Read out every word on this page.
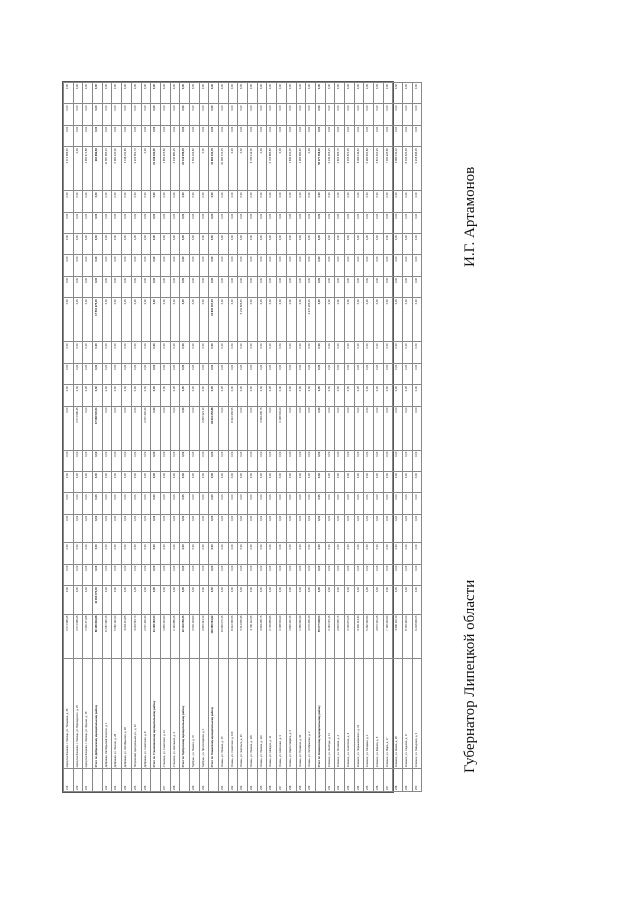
219	переулок Конеева, г. Липецк, ул. Тельмана, д. 45	2 071 996,45	0,00	0,00	0,00	0,00	0,00	0,00	0,00	0,00	0,00	0,00	0,00	0,00	0,00	0,00	0,00	0,00	0,00	2 071 996,45	0,00	0,00	0,00
220	переулок Конеева, г. Липецк, ул. Вернадского, д. 25	2 071 996,45	0,00	0,00	0,00	0,00	0,00	0,00	0,00	2 071 996,45	0,00	0,00	0,00	0,00	0,00	0,00	0,00	0,00	0,00	0,00	0,00	0,00	0,00
221	переулок Конеева, г. Липецк, ул. Фрунзе, д. 16	1 950 471,88	0,00	0,00	0,00	0,00	0,00	0,00	0,00	0,00	0,00	0,00	0,00	0,00	0,00	0,00	0,00	0,00	0,00	1 950 471,88	0,00	0,00	0,00
	Итого по Добринскому муниципальному району	86 185 819,88	10 060 070,00	0,00	0,00	0,00	0,00	0,00	0,00	37 068 545,54	0,00	0,00	0,00	17 504 975,00	0,00	0,00	0,00	0,00	0,00	964 899,58	0,00	0,00	0,00
222	Добринка, Октябрьский поселок, д. 1	11 587 965,15	0,00	0,00	0,00	0,00	0,00	0,00	0,00	0,00	0,00	0,00	0,00	0,00	0,00	0,00	0,00	0,00	0,00	11 587 965,15	0,00	0,00	0,00
223	Добринка, ул. Лесная, д. 28	5 960 120,30	0,00	0,00	0,00	0,00	0,00	0,00	0,00	0,00	0,00	0,00	0,00	0,00	0,00	0,00	0,00	0,00	0,00	5 960 120,30	0,00	0,00	0,00
224	Добринка, ул. Октябрьская, д. 28	3 018 211,85	0,00	0,00	0,00	0,00	0,00	0,00	0,00	0,00	0,00	0,00	0,00	0,00	0,00	0,00	0,00	0,00	0,00	3 018 211,85	0,00	0,00	0,00
225	Петровский, Центральная ул., д. 10	4 219 561,70	0,00	0,00	0,00	0,00	0,00	0,00	0,00	0,00	0,00	0,00	0,00	0,00	0,00	0,00	0,00	0,00	0,00	4 219 561,70	0,00	0,00	0,00
226	Добринка, ул. Советская, д. 8	2 007 402,40	0,00	0,00	0,00	0,00	0,00	0,00	0,00	2 007 402,40	0,00	0,00	0,00	0,00	0,00	0,00	0,00	0,00	0,00	0,00	0,00	0,00	0,00
	Итого по Становлянскому муниципальному району	21 498 462,50	0,00	0,00	0,00	0,00	0,00	0,00	0,00	0,00	0,00	0,00	0,00	0,00	0,00	0,00	0,00	0,00	0,00	21 498 462,50	0,00	0,00	0,00
227	Становое, ул. Советская, д. 12	1 855 215,60	0,00	0,00	0,00	0,00	0,00	0,00	0,00	0,00	0,00	0,00	0,00	0,00	0,00	0,00	0,00	0,00	0,00	1 855 215,60	0,00	0,00	0,00
228	Становое, ул. Школьная, д. 4	2 140 880,25	0,00	0,00	0,00	0,00	0,00	0,00	0,00	0,00	0,00	0,00	0,00	0,00	0,00	0,00	0,00	0,00	0,00	2 140 880,25	0,00	0,00	0,00
	Итого по Тербунскому муниципальному району	22 419 056,35	0,00	0,00	0,00	0,00	0,00	0,00	0,00	0,00	0,00	0,00	0,00	0,00	0,00	0,00	0,00	0,00	0,00	22 419 056,35	0,00	0,00	0,00
229	Тербуны, ул. Ленина, д. 47	3 502 104,60	0,00	0,00	0,00	0,00	0,00	0,00	0,00	0,00	0,00	0,00	0,00	0,00	0,00	0,00	0,00	0,00	0,00	3 502 104,60	0,00	0,00	0,00
230	Тербуны, ул. Пролетарская, д. 1	2 815 321,10	0,00	0,00	0,00	0,00	0,00	0,00	0,00	2 815 321,10	0,00	0,00	0,00	0,00	0,00	0,00	0,00	0,00	0,00	0,00	0,00	0,00	0,00
	Итого по Усманскому муниципальному району	116 385 061,82	0,00	0,00	0,00	0,00	0,00	0,00	0,00	48 911 253,88	0,00	0,00	0,00	23 810 467,15	0,00	0,00	0,00	0,00	0,00	43 663 340,79	0,00	0,00	0,00
231	Усмань, ул. Ленина, д. 15	10 060 070,15	0,00	0,00	0,00	0,00	0,00	0,00	0,00	0,00	0,00	0,00	0,00	0,00	0,00	0,00	0,00	0,00	0,00	10 060 070,15	0,00	0,00	0,00
232	Усмань, ул. Советская, д. 109	8 412 350,55	0,00	0,00	0,00	0,00	0,00	0,00	0,00	8 412 350,55	0,00	0,00	0,00	0,00	0,00	0,00	0,00	0,00	0,00	0,00	0,00	0,00	0,00
233	Усмань, ул. Энгельса, д. 20	5 211 605,45	0,00	0,00	0,00	0,00	0,00	0,00	0,00	0,00	0,00	0,00	0,00	5 211 605,45	0,00	0,00	0,00	0,00	0,00	0,00	0,00	0,00	0,00
234	Усмань, ул. Ленина, д. 116	4 780 112,35	0,00	0,00	0,00	0,00	0,00	0,00	0,00	0,00	0,00	0,00	0,00	0,00	0,00	0,00	0,00	0,00	0,00	4 780 112,35	0,00	0,00	0,00
235	Усмань, ул. Ленина, д. 110	3 994 206,75	0,00	0,00	0,00	0,00	0,00	0,00	0,00	3 994 206,75	0,00	0,00	0,00	0,00	0,00	0,00	0,00	0,00	0,00	0,00	0,00	0,00	0,00
236	Усмань, ул. Шмидта, д. 11	2 705 895,65	0,00	0,00	0,00	0,00	0,00	0,00	0,00	0,00	0,00	0,00	0,00	0,00	0,00	0,00	0,00	0,00	0,00	2 705 895,65	0,00	0,00	0,00
237	Усмань, ул. Шевченко, д. 3	3 108 504,20	0,00	0,00	0,00	0,00	0,00	0,00	0,00	3 108 504,20	0,00	0,00	0,00	0,00	0,00	0,00	0,00	0,00	0,00	0,00	0,00	0,00	0,00
238	Усмань, ул. Карла Маркса, д. 5	1 840 210,15	0,00	0,00	0,00	0,00	0,00	0,00	0,00	0,00	0,00	0,00	0,00	0,00	0,00	0,00	0,00	0,00	0,00	1 840 210,15	0,00	0,00	0,00
239	Усмань, ул. Пушкина, д. 30	1 265 930,40	0,00	0,00	0,00	0,00	0,00	0,00	0,00	0,00	0,00	0,00	0,00	0,00	0,00	0,00	0,00	0,00	0,00	1 265 930,40	0,00	0,00	0,00
240	Усмань, ул. Октябрьская, д. 2	4 270 205,10	0,00	0,00	0,00	0,00	0,00	0,00	0,00	0,00	0,00	0,00	0,00	4 270 205,10	0,00	0,00	0,00	0,00	0,00	0,00	0,00	0,00	0,00
	Итого по Хлевенскому муниципальному району	55 077 008,00	0,00	0,00	0,00	0,00	0,00	0,00	0,00	0,00	0,00	0,00	0,00	0,00	0,00	0,00	0,00	0,00	0,00	55 077 008,00	0,00	0,00	0,00
241	Хлевное, ул. Свободы, д. 11	3 140 015,15	0,00	0,00	0,00	0,00	0,00	0,00	0,00	0,00	0,00	0,00	0,00	0,00	0,00	0,00	0,00	0,00	0,00	3 140 015,15	0,00	0,00	0,00
242	Хлевное, ул. Полевая, д. 2	2 815 905,75	0,00	0,00	0,00	0,00	0,00	0,00	0,00	0,00	0,00	0,00	0,00	0,00	0,00	0,00	0,00	0,00	0,00	2 815 905,75	0,00	0,00	0,00
243	Хлевное, ул. Советская, д. 6	4 105 870,05	0,00	0,00	0,00	0,00	0,00	0,00	0,00	0,00	0,00	0,00	0,00	0,00	0,00	0,00	0,00	0,00	0,00	4 105 870,05	0,00	0,00	0,00
244	Хлевное, ул. Чернышевского, д. 12	6 390 114,40	0,00	0,00	0,00	0,00	0,00	0,00	0,00	0,00	0,00	0,00	0,00	0,00	0,00	0,00	0,00	0,00	0,00	6 390 114,40	0,00	0,00	0,00
245	Хлевное, ул. Гагарина, д. 1	5 260 400,80	0,00	0,00	0,00	0,00	0,00	0,00	0,00	0,00	0,00	0,00	0,00	0,00	0,00	0,00	0,00	0,00	0,00	5 260 400,80	0,00	0,00	0,00
246	Хлевное, ул. Кирова, д. 6	4 870 310,25	0,00	0,00	0,00	0,00	0,00	0,00	0,00	0,00	0,00	0,00	0,00	0,00	0,00	0,00	0,00	0,00	0,00	4 870 310,25	0,00	0,00	0,00
247	Хлевное, ул. Мира, д. 17	7 190 225,60	0,00	0,00	0,00	0,00	0,00	0,00	0,00	0,00	0,00	0,00	0,00	0,00	0,00	0,00	0,00	0,00	0,00	7 190 225,60	0,00	0,00	0,00
248	Хлевное, ул. Новая, д. 18	3 980 110,10	0,00	0,00	0,00	0,00	0,00	0,00	0,00	0,00	0,00	0,00	0,00	0,00	0,00	0,00	0,00	0,00	0,00	3 980 110,10	0,00	0,00	0,00
249	Хлевное, ул. Садовая, д. 17	8 105 420,00	0,00	0,00	0,00	0,00	0,00	0,00	0,00	0,00	0,00	0,00	0,00	0,00	0,00	0,00	0,00	0,00	0,00	8 105 420,00	0,00	0,00	0,00
250	Хлевное, ул. Заводская, д. 3	9 218 636,05	0,00	0,00	0,00	0,00	0,00	0,00	0,00	0,00	0,00	0,00	0,00	0,00	0,00	0,00	0,00	0,00	0,00	9 218 636,05	0,00	0,00	0,00
Губернатор Липецкой области
И.Г. Артамонов
